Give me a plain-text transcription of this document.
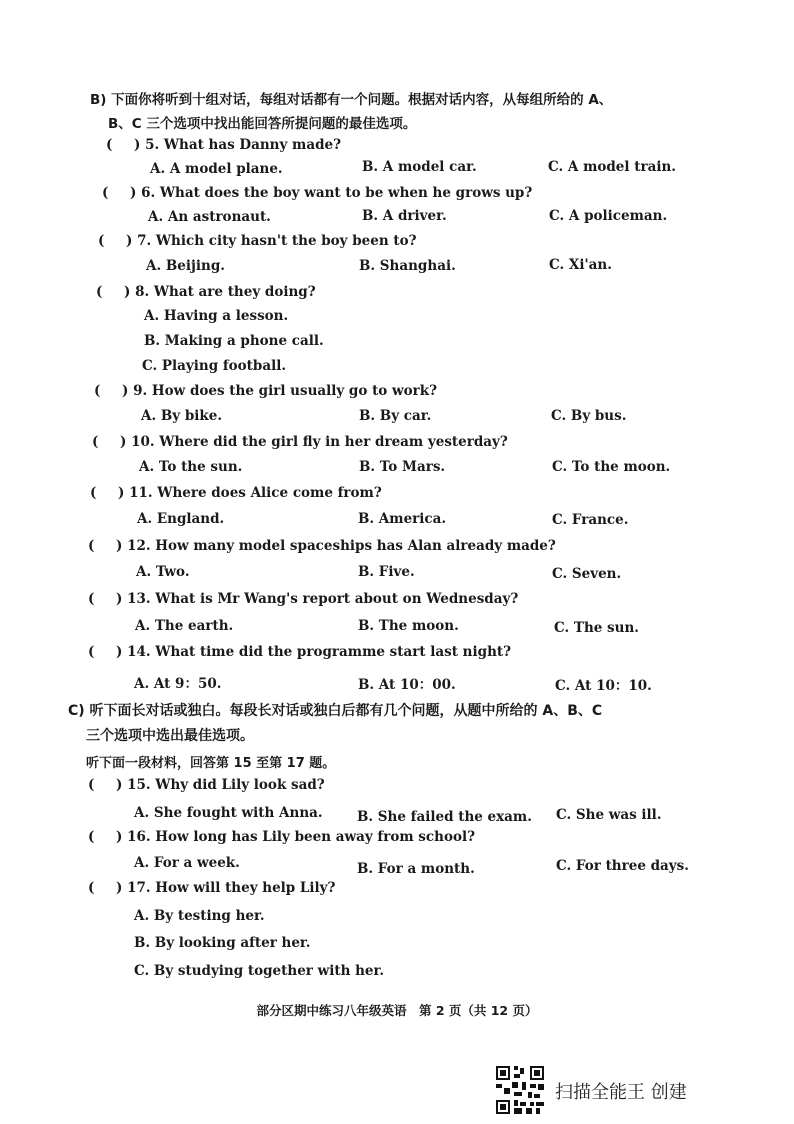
B) 下面你将听到十组对话，每组对话都有一个问题。根据对话内容，从每组所给的 A、
B、C 三个选项中找出能回答所提问题的最佳选项。
( ) 5. What has Danny made?
A. A model plane.	B. A model car.	C. A model train.
( ) 6. What does the boy want to be when he grows up?
A. An astronaut.	B. A driver.	C. A policeman.
( ) 7. Which city hasn't the boy been to?
A. Beijing.	B. Shanghai.	C. Xi'an.
( ) 8. What are they doing?
A. Having a lesson.
B. Making a phone call.
C. Playing football.
( ) 9. How does the girl usually go to work?
A. By bike.	B. By car.	C. By bus.
( ) 10. Where did the girl fly in her dream yesterday?
A. To the sun.	B. To Mars.	C. To the moon.
( ) 11. Where does Alice come from?
A. England.	B. America.	C. France.
( ) 12. How many model spaceships has Alan already made?
A. Two.	B. Five.	C. Seven.
( ) 13. What is Mr Wang's report about on Wednesday?
A. The earth.	B. The moon.	C. The sun.
( ) 14. What time did the programme start last night?
A. At 9：50.	B. At 10：00.	C. At 10：10.
C) 听下面长对话或独白。每段长对话或独白后都有几个问题，从题中所给的 A、B、C
三个选项中选出最佳选项。
听下面一段材料，回答第 15 至第 17 题。
( ) 15. Why did Lily look sad?
A. She fought with Anna.	B. She failed the exam. C. She was ill.
( ) 16. How long has Lily been away from school?
A. For a week.	B. For a month.	C. For three days.
( ) 17. How will they help Lily?
A. By testing her.
B. By looking after her.
C. By studying together with her.
部分区期中练习八年级英语　第 2 页（共 12 页）
扫描全能王 创建
